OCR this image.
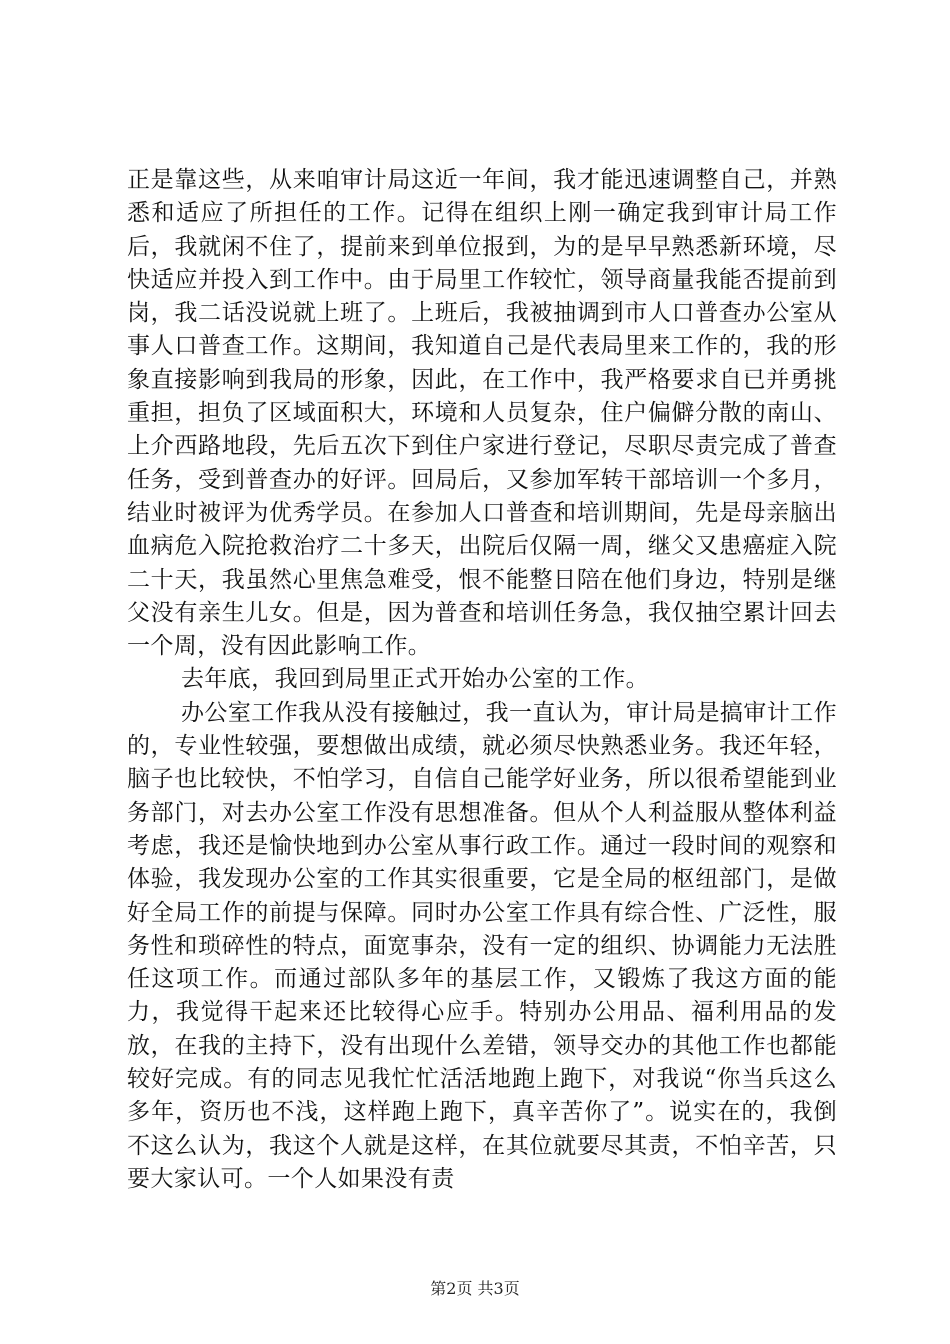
正是靠这些，从来咱审计局这近一年间，我才能迅速调整自己，并熟悉和适应了所担任的工作。记得在组织上刚一确定我到审计局工作后，我就闲不住了，提前来到单位报到，为的是早早熟悉新环境，尽快适应并投入到工作中。由于局里工作较忙，领导商量我能否提前到岗，我二话没说就上班了。上班后，我被抽调到市人口普查办公室从事人口普查工作。这期间，我知道自己是代表局里来工作的，我的形象直接影响到我局的形象，因此，在工作中，我严格要求自已并勇挑重担，担负了区域面积大，环境和人员复杂，住户偏僻分散的南山、上介西路地段，先后五次下到住户家进行登记，尽职尽责完成了普查任务，受到普查办的好评。回局后，又参加军转干部培训一个多月，结业时被评为优秀学员。在参加人口普查和培训期间，先是母亲脑出血病危入院抢救治疗二十多天，出院后仅隔一周，继父又患癌症入院二十天，我虽然心里焦急难受，恨不能整日陪在他们身边，特别是继父没有亲生儿女。但是，因为普查和培训任务急，我仅抽空累计回去一个周，没有因此影响工作。

去年底，我回到局里正式开始办公室的工作。

办公室工作我从没有接触过，我一直认为，审计局是搞审计工作的，专业性较强，要想做出成绩，就必须尽快熟悉业务。我还年轻，脑子也比较快，不怕学习，自信自己能学好业务，所以很希望能到业务部门，对去办公室工作没有思想准备。但从个人利益服从整体利益考虑，我还是愉快地到办公室从事行政工作。通过一段时间的观察和体验，我发现办公室的工作其实很重要，它是全局的枢纽部门，是做好全局工作的前提与保障。同时办公室工作具有综合性、广泛性，服务性和琐碎性的特点，面宽事杂，没有一定的组织、协调能力无法胜任这项工作。而通过部队多年的基层工作，又锻炼了我这方面的能力，我觉得干起来还比较得心应手。特别办公用品、福利用品的发放，在我的主持下，没有出现什么差错，领导交办的其他工作也都能较好完成。有的同志见我忙忙活活地跑上跑下，对我说“你当兵这么多年，资历也不浅，这样跑上跑下，真辛苦你了”。说实在的，我倒不这么认为，我这个人就是这样，在其位就要尽其责，不怕辛苦，只要大家认可。一个人如果没有责

第2页 共3页
